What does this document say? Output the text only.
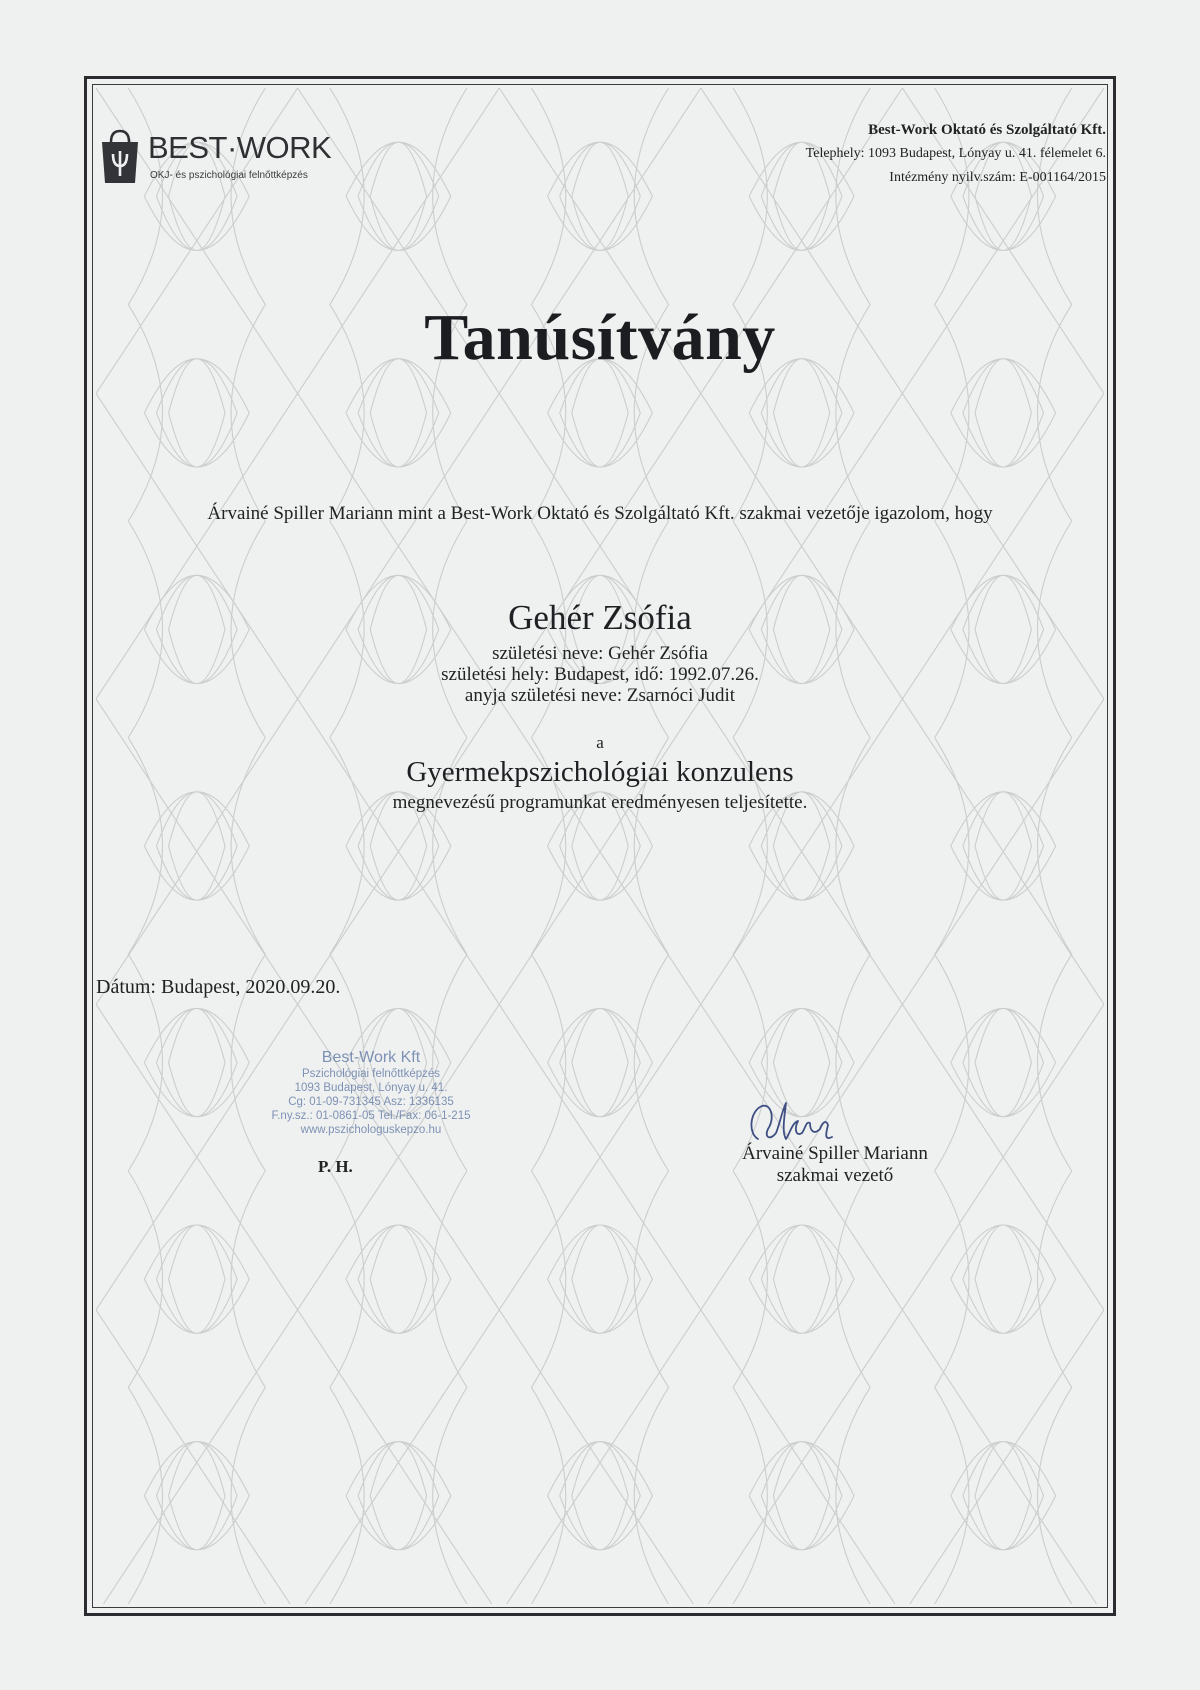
BEST·WORK
OKJ- és pszichológiai felnőttképzés
Best-Work Oktató és Szolgáltató Kft.
Telephely: 1093 Budapest, Lónyay u. 41. félemelet 6.
Intézmény nyilv.szám: E-001164/2015
Tanúsítvány
Árvainé Spiller Mariann mint a Best-Work Oktató és Szolgáltató Kft. szakmai vezetője igazolom, hogy
Gehér Zsófia
születési neve: Gehér Zsófia
születési hely: Budapest, idő: 1992.07.26.
anyja születési neve: Zsarnóci Judit
a
Gyermekpszichológiai konzulens
megnevezésű programunkat eredményesen teljesítette.
Dátum: Budapest, 2020.09.20.
Best-Work Kft
Pszichológiai felnőttképzés
1093 Budapest, Lónyay u. 41.
Cg: 01-09-731345 Asz: 1336135
F.ny.sz.: 01-0861-05 Tel./Fax: 06-1-215
www.pszichologuskepzo.hu
P. H.
Árvainé Spiller Mariann
szakmai vezető
